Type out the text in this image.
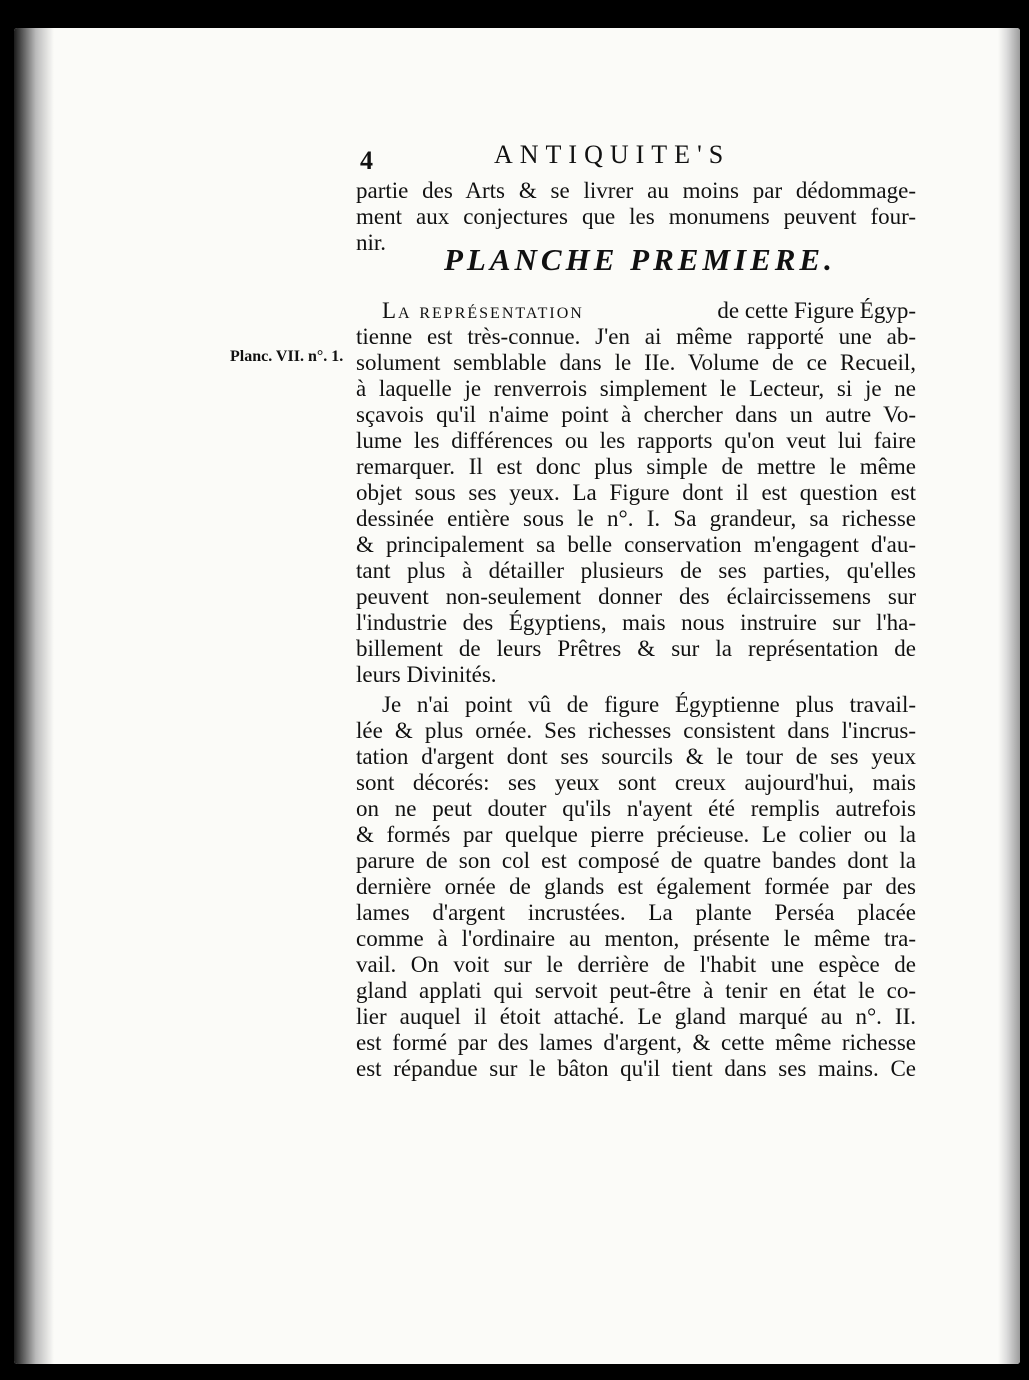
4	ANTIQUITE'S
partie des Arts & se livrer au moins par dédommage-
ment aux conjectures que les monumens peuvent four-
nir. PLANCHE PREMIERE.
La représentation	de cette Figure Égyp-
tienne est très-connue. J'en ai même rapporté une ab-
Planc. VII. n°. 1. solument semblable dans le IIe. Volume de ce Recueil,
à laquelle je renverrois simplement le Lecteur, si je ne
sçavois qu'il n'aime point à chercher dans un autre Vo-
lume les différences ou les rapports qu'on veut lui faire
remarquer. Il est donc plus simple de mettre le même
objet sous ses yeux. La Figure dont il est question est
dessinée entière sous le n°. I. Sa grandeur, sa richesse
& principalement sa belle conservation m'engagent d'au-
tant plus à détailler plusieurs de ses parties, qu'elles
peuvent non-seulement donner des éclaircissemens sur
l'industrie des Égyptiens, mais nous instruire sur l'ha-
billement de leurs Prêtres & sur la représentation de
leurs Divinités.
Je n'ai point vû de figure Égyptienne plus travail-
lée & plus ornée. Ses richesses consistent dans l'incrus-
tation d'argent dont ses sourcils & le tour de ses yeux
sont décorés: ses yeux sont creux aujourd'hui, mais
on ne peut douter qu'ils n'ayent été remplis autrefois
& formés par quelque pierre précieuse. Le colier ou la
parure de son col est composé de quatre bandes dont la
dernière ornée de glands est également formée par des
lames d'argent incrustées. La plante Perséa placée
comme à l'ordinaire au menton, présente le même tra-
vail. On voit sur le derrière de l'habit une espèce de
gland applati qui servoit peut-être à tenir en état le co-
lier auquel il étoit attaché. Le gland marqué au n°. II.
est formé par des lames d'argent, & cette même richesse
est répandue sur le bâton qu'il tient dans ses mains. Ce
